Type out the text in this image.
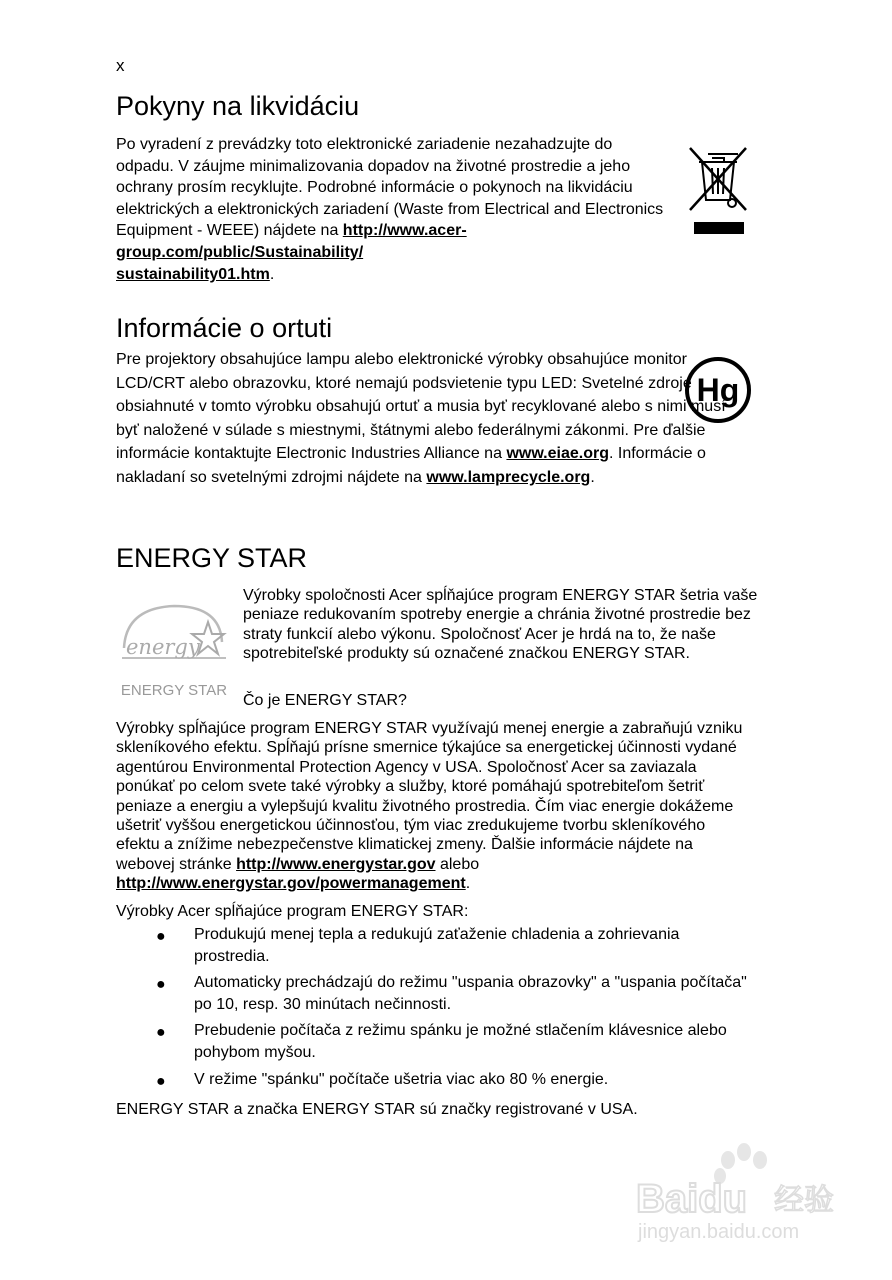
x
Pokyny na likvidáciu

Po vyradení z prevádzky toto elektronické zariadenie nezahadzujte do odpadu. V záujme minimalizovania dopadov na životné prostredie a jeho ochrany prosím recyklujte. Podrobné informácie o pokynoch na likvidáciu elektrických a elektronických zariadení (Waste from Electrical and Electronics Equipment - WEEE) nájdete na http://www.acer-group.com/public/Sustainability/
sustainability01.htm.

Informácie o ortuti

Pre projektory obsahujúce lampu alebo elektronické výrobky obsahujúce monitor LCD/CRT alebo obrazovku, ktoré nemajú podsvietenie typu LED: Svetelné zdroje obsiahnuté v tomto výrobku obsahujú ortuť a musia byť recyklované alebo s nimi musí byť naložené v súlade s miestnymi, štátnymi alebo federálnymi zákonmi. Pre ďalšie informácie kontaktujte Electronic Industries Alliance na www.eiae.org. Informácie o nakladaní so svetelnými zdrojmi nájdete na www.lamprecycle.org.

Hg
ENERGY STAR
energy
ENERGY STAR

Výrobky spoločnosti Acer spĺňajúce program ENERGY STAR šetria vaše peniaze redukovaním spotreby energie a chránia životné prostredie bez straty funkcií alebo výkonu. Spoločnosť Acer je hrdá na to, že naše spotrebiteľské produkty sú označené značkou ENERGY STAR.

Čo je ENERGY STAR?

Výrobky spĺňajúce program ENERGY STAR využívajú menej energie a zabraňujú vzniku skleníkového efektu. Spĺňajú prísne smernice týkajúce sa energetickej účinnosti vydané agentúrou Environmental Protection Agency v USA. Spoločnosť Acer sa zaviazala ponúkať po celom svete také výrobky a služby, ktoré pomáhajú spotrebiteľom šetriť peniaze a energiu a vylepšujú kvalitu životného prostredia. Čím viac energie dokážeme ušetriť vyššou energetickou účinnosťou, tým viac zredukujeme tvorbu skleníkového efektu a znížime nebezpečenstve klimatickej zmeny. Ďalšie informácie nájdete na webovej stránke http://www.energystar.gov alebo http://www.energystar.gov/powermanagement.

Výrobky Acer spĺňajúce program ENERGY STAR:

● Produkujú menej tepla a redukujú zaťaženie chladenia a zohrievania prostredia.
● Automaticky prechádzajú do režimu "uspania obrazovky" a "uspania počítača" po 10, resp. 30 minútach nečinnosti.
● Prebudenie počítača z režimu spánku je možné stlačením klávesnice alebo pohybom myšou.
● V režime "spánku" počítače ušetria viac ako 80 % energie.

ENERGY STAR a značka ENERGY STAR sú značky registrované v USA.

Baidu 经验
jingyan.baidu.com
